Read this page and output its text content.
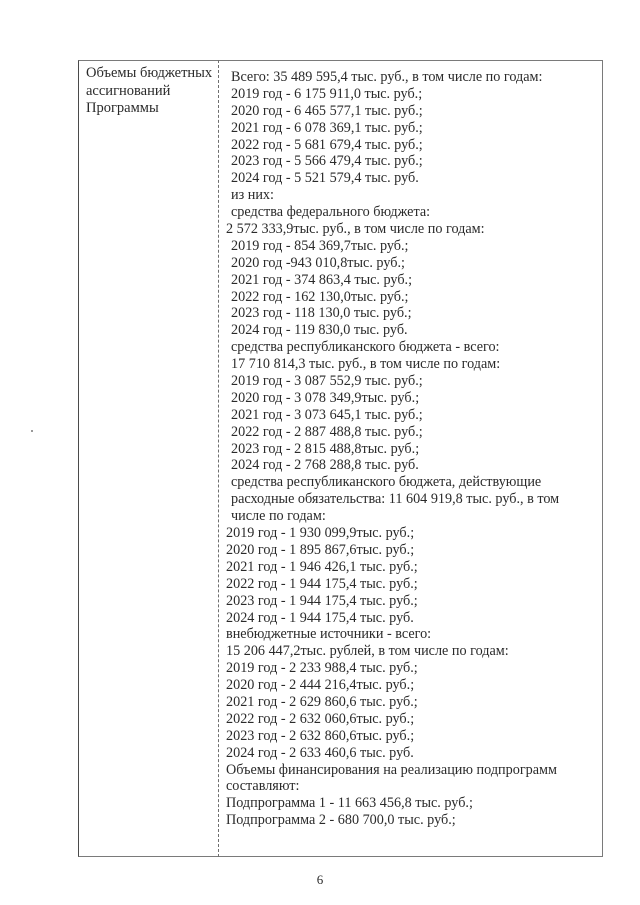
Объемы бюджетных
ассигнований
Программы
Всего: 35 489 595,4 тыс. руб., в том числе по годам:
2019 год - 6 175 911,0 тыс. руб.;
2020 год - 6 465 577,1 тыс. руб.;
2021 год - 6 078 369,1 тыс. руб.;
2022 год - 5 681 679,4 тыс. руб.;
2023 год - 5 566 479,4 тыс. руб.;
2024 год - 5 521 579,4 тыс. руб.
из них:
средства федерального бюджета:
2 572 333,9тыс. руб., в том числе по годам:
2019 год - 854 369,7тыс. руб.;
2020 год -943 010,8тыс. руб.;
2021 год - 374 863,4 тыс. руб.;
2022 год - 162 130,0тыс. руб.;
2023 год - 118 130,0 тыс. руб.;
2024 год - 119 830,0 тыс. руб.
средства республиканского бюджета - всего:
17 710 814,3 тыс. руб., в том числе по годам:
2019 год - 3 087 552,9 тыс. руб.;
2020 год - 3 078 349,9тыс. руб.;
2021 год - 3 073 645,1 тыс. руб.;
2022 год - 2 887 488,8 тыс. руб.;
2023 год - 2 815 488,8тыс. руб.;
2024 год - 2 768 288,8 тыс. руб.
средства республиканского бюджета, действующие
расходные обязательства: 11 604 919,8 тыс. руб., в том
числе по годам:
2019 год - 1 930 099,9тыс. руб.;
2020 год - 1 895 867,6тыс. руб.;
2021 год - 1 946 426,1 тыс. руб.;
2022 год - 1 944 175,4 тыс. руб.;
2023 год - 1 944 175,4 тыс. руб.;
2024 год - 1 944 175,4 тыс. руб.
внебюджетные источники - всего:
15 206 447,2тыс. рублей, в том числе по годам:
2019 год - 2 233 988,4 тыс. руб.;
2020 год - 2 444 216,4тыс. руб.;
2021 год - 2 629 860,6 тыс. руб.;
2022 год - 2 632 060,6тыс. руб.;
2023 год - 2 632 860,6тыс. руб.;
2024 год - 2 633 460,6 тыс. руб.
Объемы финансирования на реализацию подпрограмм
составляют:
Подпрограмма 1 - 11 663 456,8 тыс. руб.;
Подпрограмма 2 - 680 700,0 тыс. руб.;
6
